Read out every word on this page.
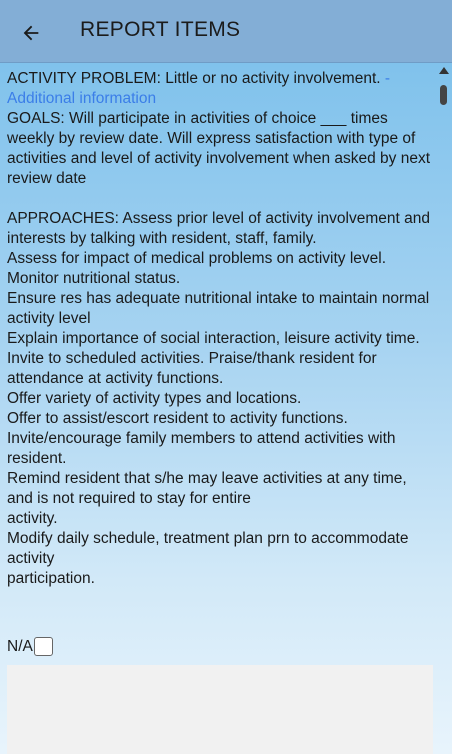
REPORT ITEMS

ACTIVITY PROBLEM: Little or no activity involvement. - Additional information

GOALS: Will participate in activities of choice ___ times weekly by review date. Will express satisfaction with type of activities and level of activity involvement when asked by next review date

APPROACHES: Assess prior level of activity involvement and interests by talking with resident, staff, family.

Assess for impact of medical problems on activity level. Monitor nutritional status.

Ensure res has adequate nutritional intake to maintain normal activity level

Explain importance of social interaction, leisure activity time.

Invite to scheduled activities. Praise/thank resident for attendance at activity functions.

Offer variety of activity types and locations.

Offer to assist/escort resident to activity functions.

Invite/encourage family members to attend activities with resident.

Remind resident that s/he may leave activities at any time, and is not required to stay for entire

activity.

Modify daily schedule, treatment plan prn to accommodate activity

participation.

N/A
